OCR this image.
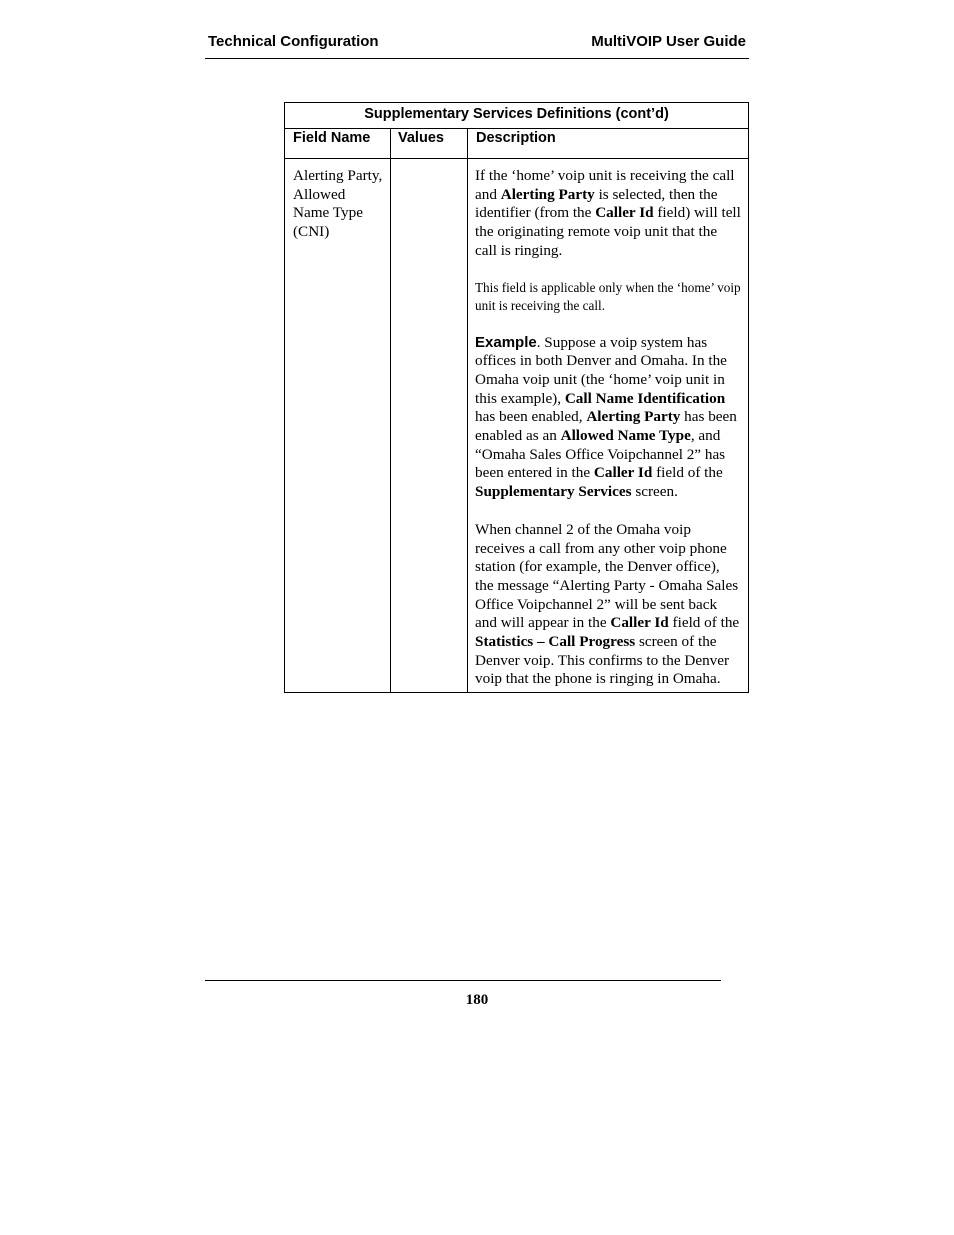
Technical Configuration	MultiVOIP User Guide
Supplementary Services Definitions (cont’d)		
Field Name	Values	Description

Alerting Party, Allowed Name Type (CNI)		If the ‘home’ voip unit is receiving the call and Alerting Party is selected, then the identifier (from the Caller Id field) will tell the originating remote voip unit that the call is ringing.

This field is applicable only when the ‘home’ voip unit is receiving the call.

Example. Suppose a voip system has offices in both Denver and Omaha. In the Omaha voip unit (the ‘home’ voip unit in this example), Call Name Identification has been enabled, Alerting Party has been enabled as an Allowed Name Type, and “Omaha Sales Office Voipchannel 2” has been entered in the Caller Id field of the Supplementary Services screen.

When channel 2 of the Omaha voip receives a call from any other voip phone station (for example, the Denver office), the message “Alerting Party - Omaha Sales Office Voipchannel 2” will be sent back and will appear in the Caller Id field of the Statistics – Call Progress screen of the Denver voip. This confirms to the Denver voip that the phone is ringing in Omaha.

180
